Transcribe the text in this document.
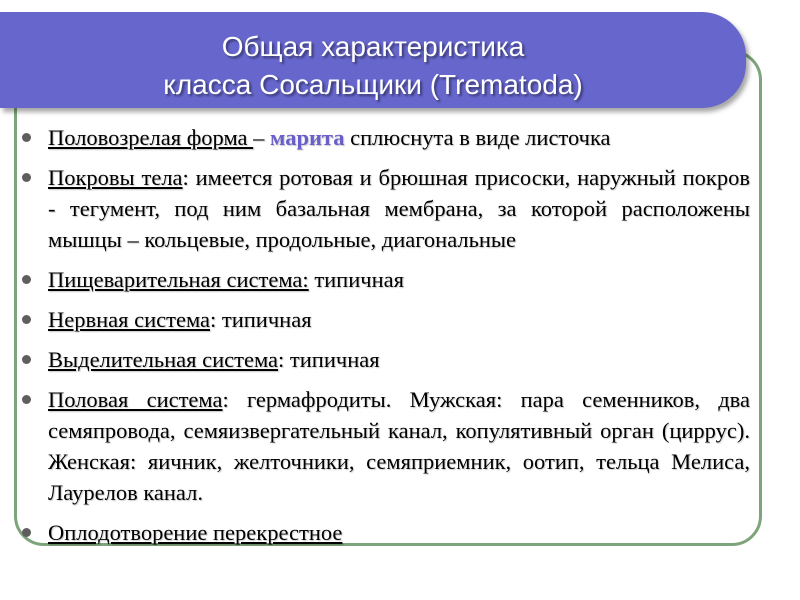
Общая характеристика
класса Сосальщики (Trematoda)
Половозрелая форма – марита сплюснута в виде листочка
Покровы тела: имеется ротовая и брюшная присоски, наружный покров - тегумент, под ним базальная мембрана, за которой расположены мышцы – кольцевые, продольные, диагональные
Пищеварительная система: типичная
Нервная система: типичная
Выделительная система: типичная
Половая система: гермафродиты. Мужская: пара семенников, два семяпровода, семяизвергательный канал, копулятивный орган (циррус). Женская: яичник, желточники, семяприемник, оотип, тельца Мелиса, Лаурелов канал.
Оплодотворение перекрестное
